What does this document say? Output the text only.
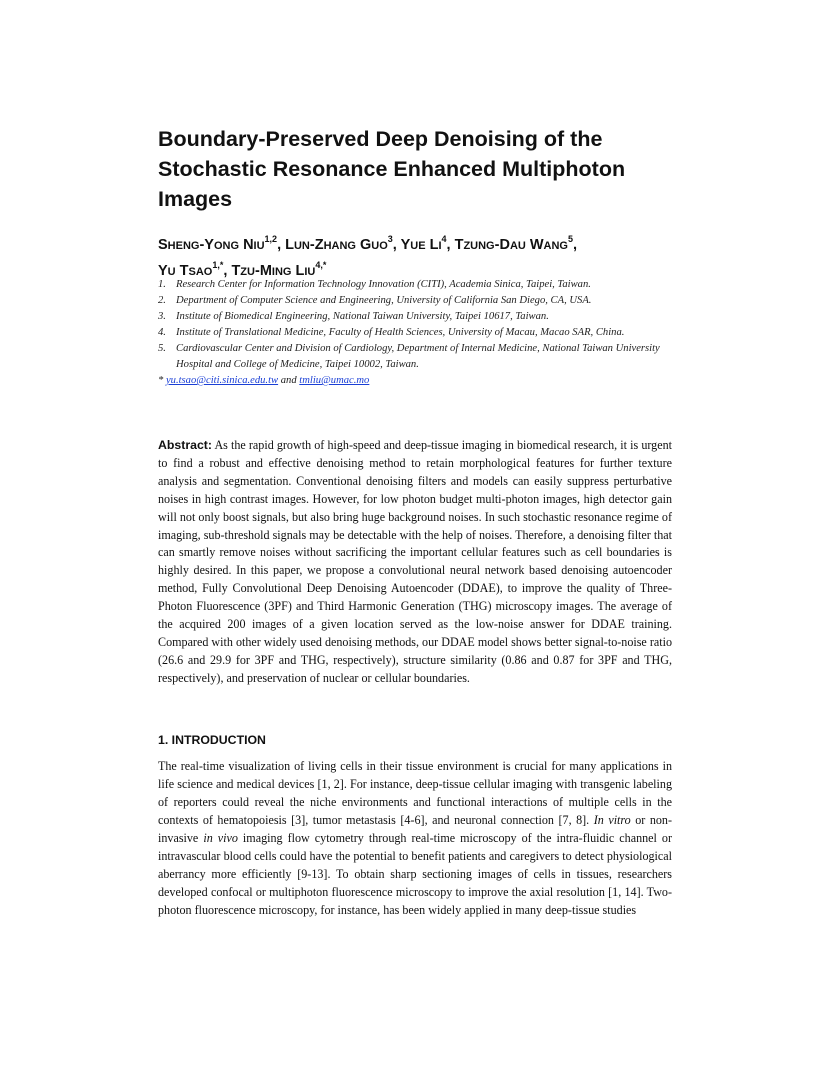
Boundary-Preserved Deep Denoising of the
Stochastic Resonance Enhanced Multiphoton
Images
SHENG-YONG NIU$^{1,2}$, LUN-ZHANG GUO$^3$, YUE $LI^4$, TZUNG-DAU WANG$^5$,
YU $TSAO^{1,*}$, TZU-MING $LIU^{4,*}$
1. Research Center for Information Technology Innovation (CITI), Academia Sinica, Taipei, Taiwan.
2. Department of Computer Science and Engineering, University of California San Diego, CA, USA.
3. Institute of Biomedical Engineering, National Taiwan University, Taipei 10617, Taiwan.
4. Institute of Translational Medicine, Faculty of Health Sciences, University of Macau, Macao SAR, China.
5. Cardiovascular Center and Division of Cardiology, Department of Internal Medicine, National Taiwan University Hospital and College of Medicine, Taipei 10002, Taiwan.

* yu.tsao@citi.sinica.edu.tw and tmliu@umac.mo

Abstract: As the rapid growth of high-speed and deep-tissue imaging in biomedical research, it is urgent to find a robust and effective denoising method to retain morphological features for further texture analysis and segmentation. Conventional denoising filters and models can easily suppress perturbative noises in high contrast images. However, for low photon budget multi-photon images, high detector gain will not only boost signals, but also bring huge background noises. In such stochastic resonance regime of imaging, sub-threshold signals may be detectable with the help of noises. Therefore, a denoising filter that can smartly remove noises without sacrificing the important cellular features such as cell boundaries is highly desired. In this paper, we propose a convolutional neural network based denoising autoencoder method, Fully Convolutional Deep Denoising Autoencoder (DDAE), to improve the quality of Three-Photon Fluorescence (3PF) and Third Harmonic Generation (THG) microscopy images. The average of the acquired 200 images of a given location served as the low-noise answer for DDAE training. Compared with other widely used denoising methods, our DDAE model shows better signal-to-noise ratio (26.6 and 29.9 for 3PF and THG, respectively), structure similarity (0.86 and 0.87 for 3PF and THG, respectively), and preservation of nuclear or cellular boundaries.

1. INTRODUCTION

The real-time visualization of living cells in their tissue environment is crucial for many applications in life science and medical devices [1, 2]. For instance, deep-tissue cellular imaging with transgenic labeling of reporters could reveal the niche environments and functional interactions of multiple cells in the contexts of hematopoiesis [3], tumor metastasis [4-6], and neuronal connection [7, 8]. In vitro or non-invasive in vivo imaging flow cytometry through real-time microscopy of the intra-fluidic channel or intravascular blood cells could have the potential to benefit patients and caregivers to detect physiological aberrancy more efficiently [9-13]. To obtain sharp sectioning images of cells in tissues, researchers developed confocal or multiphoton fluorescence microscopy to improve the axial resolution [1, 14]. Two-photon fluorescence microscopy, for instance, has been widely applied in many deep-tissue studies
